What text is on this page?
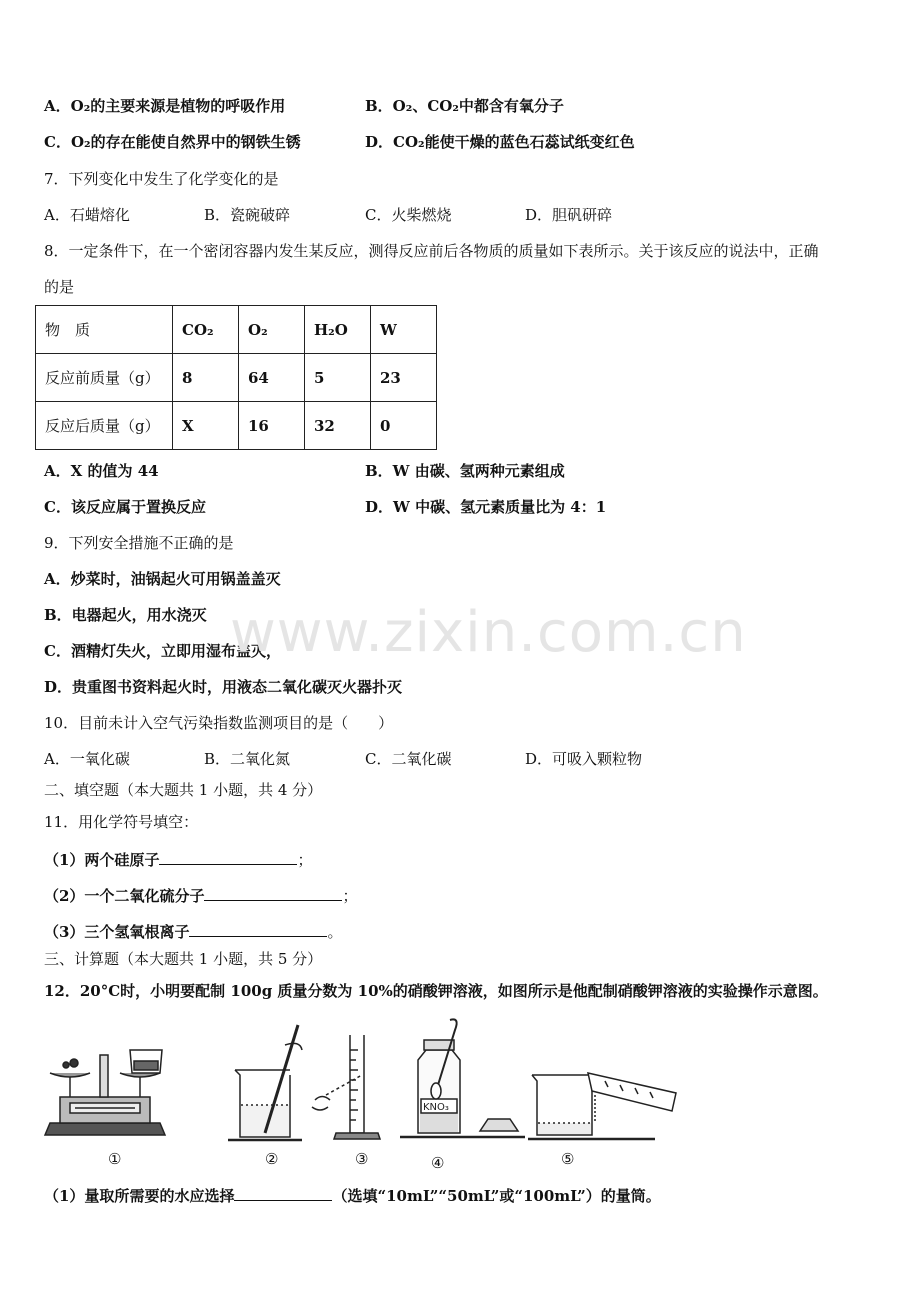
A．O₂的主要来源是植物的呼吸作用	B．O₂、CO₂中都含有氧分子
C．O₂的存在能使自然界中的钢铁生锈	D．CO₂能使干燥的蓝色石蕊试纸变红色
7．下列变化中发生了化学变化的是
A．石蜡熔化	B．瓷碗破碎	C．火柴燃烧	D．胆矾研碎
8．一定条件下，在一个密闭容器内发生某反应，测得反应前后各物质的质量如下表所示。关于该反应的说法中，正确
的是
物　质	CO₂	O₂	H₂O	W
反应前质量（g）	8	64	5	23
反应后质量（g）	X	16	32	0
A．X 的值为 44	B．W 由碳、氢两种元素组成
C．该反应属于置换反应	D．W 中碳、氢元素质量比为 4：1
9．下列安全措施不正确的是
A．炒菜时，油锅起火可用锅盖盖灭
B．电器起火，用水浇灭
C．酒精灯失火，立即用湿布盖灭，
D．贵重图书资料起火时，用液态二氧化碳灭火器扑灭
www.zixin.com.cn
10．目前未计入空气污染指数监测项目的是（　　）
A．一氧化碳	B．二氧化氮	C．二氧化碳	D．可吸入颗粒物
二、填空题（本大题共 1 小题，共 4 分）
11．用化学符号填空：
（1）两个硅原子	；
（2）一个二氧化硫分子	；
（3）三个氢氧根离子	。
三、计算题（本大题共 1 小题，共 5 分）
12．20°C时，小明要配制 100g 质量分数为 10%的硝酸钾溶液，如图所示是他配制硝酸钾溶液的实验操作示意图。
KNO₃
①	②	③	④	⑤
（1）量取所需要的水应选择	（选填“10mL”“50mL”或“100mL”）的量筒。
